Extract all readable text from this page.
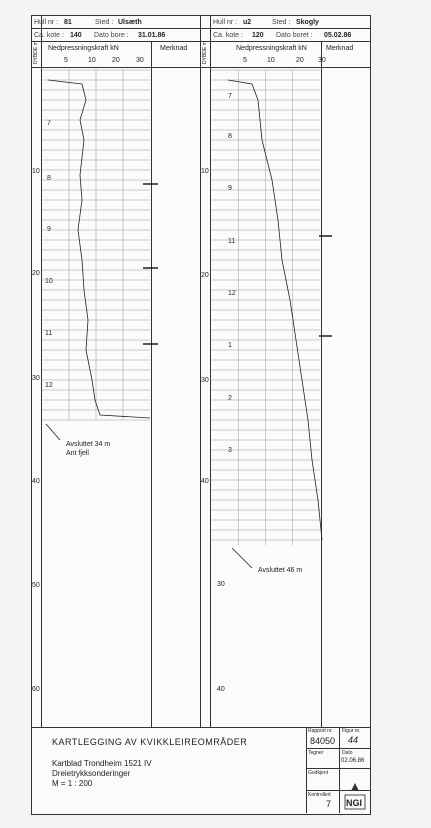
Hull nr : 81	Sted : Ulsæth
Ca. kote : 140 Dato bore : 31.01.86
Nedpressningskraft kN	Merknad
5	10 20 30
DYBDE m
Hull nr : u2	Sted : Skogly
Ca. kote : 120 Dato boret : 05.02.86
Nedpressningskraft kN	Merknad
5	10	20 30
DYBDE m
10
20
30
40
50
60
10
20
30
40
30
40
7
8
9
10
11
12
7
8
9
11
12
1
2
3
Avsluttet 34 m
Ant fjell
Avsluttet 46 m
KARTLEGGING AV KVIKKLEIREOMRÅDER
Kartblad Trondheim 1521 IV
Dreietrykksonderinger
M = 1 : 200
Rapport nr.
84050
Figur nr.
44
Tegner	Dato
02.06.86
Godkjent
Kontrollert
7 NGI
